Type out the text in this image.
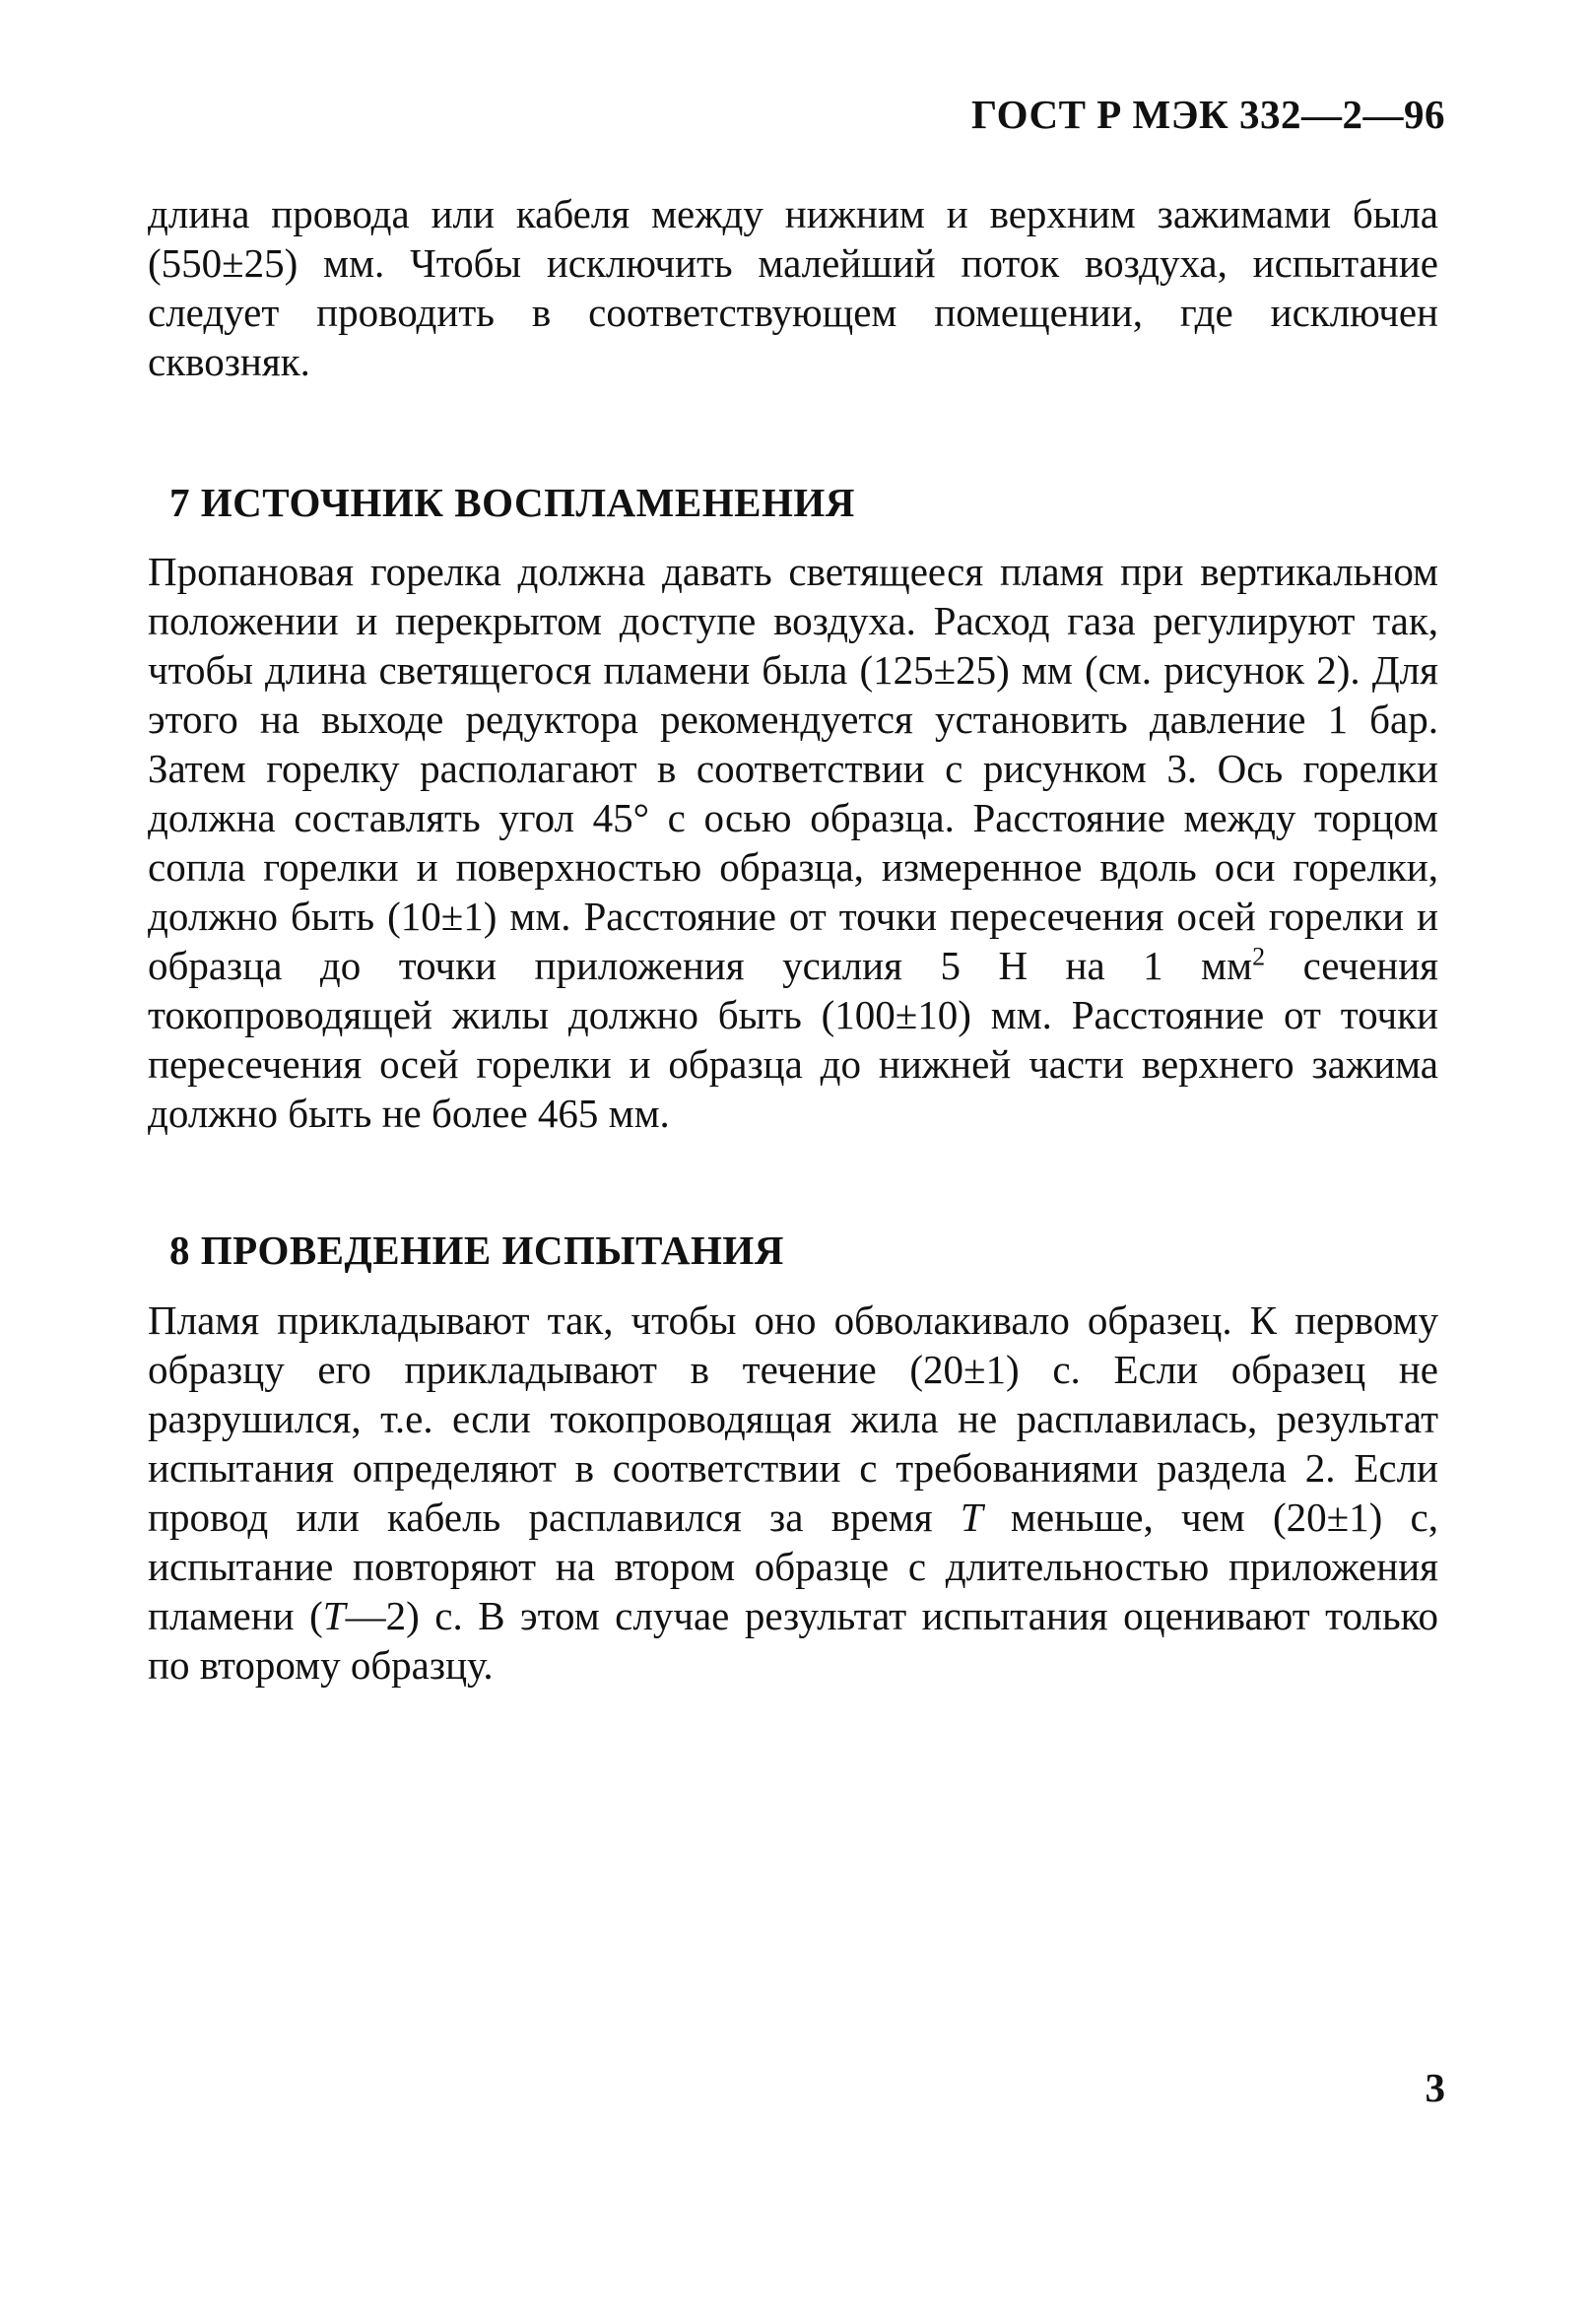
ГОСТ Р МЭК 332—2—96

длина провода или кабеля между нижним и верхним зажимами была (550±25) мм. Чтобы исключить малейший поток воздуха, испытание следует проводить в соответствующем помещении, где исключен сквозняк.

7 ИСТОЧНИК ВОСПЛАМЕНЕНИЯ

Пропановая горелка должна давать светящееся пламя при вертикальном положении и перекрытом доступе воздуха. Расход газа регулируют так, чтобы длина светящегося пламени была (125±25) мм (см. рисунок 2). Для этого на выходе редуктора рекомендуется установить давление 1 бар. Затем горелку располагают в соответствии с рисунком 3. Ось горелки должна составлять угол 45° с осью образца. Расстояние между торцом сопла горелки и поверхностью образца, измеренное вдоль оси горелки, должно быть (10±1) мм. Расстояние от точки пересечения осей горелки и образца до точки приложения усилия 5 Н на 1 $мм^2$ сечения токопроводящей жилы должно быть (100±10) мм. Расстояние от точки пересечения осей горелки и образца до нижней части верхнего зажима должно быть не более 465 мм.

8 ПРОВЕДЕНИЕ ИСПЫТАНИЯ

Пламя прикладывают так, чтобы оно обволакивало образец. К первому образцу его прикладывают в течение (20±1) с. Если образец не разрушился, т.е. если токопроводящая жила не расплавилась, результат испытания определяют в соответствии с требованиями раздела 2. Если провод или кабель расплавился за время T меньше, чем (20±1) с, испытание повторяют на втором образце с длительностью приложения пламени (T—2) с. В этом случае результат испытания оценивают только по второму образцу.

3
